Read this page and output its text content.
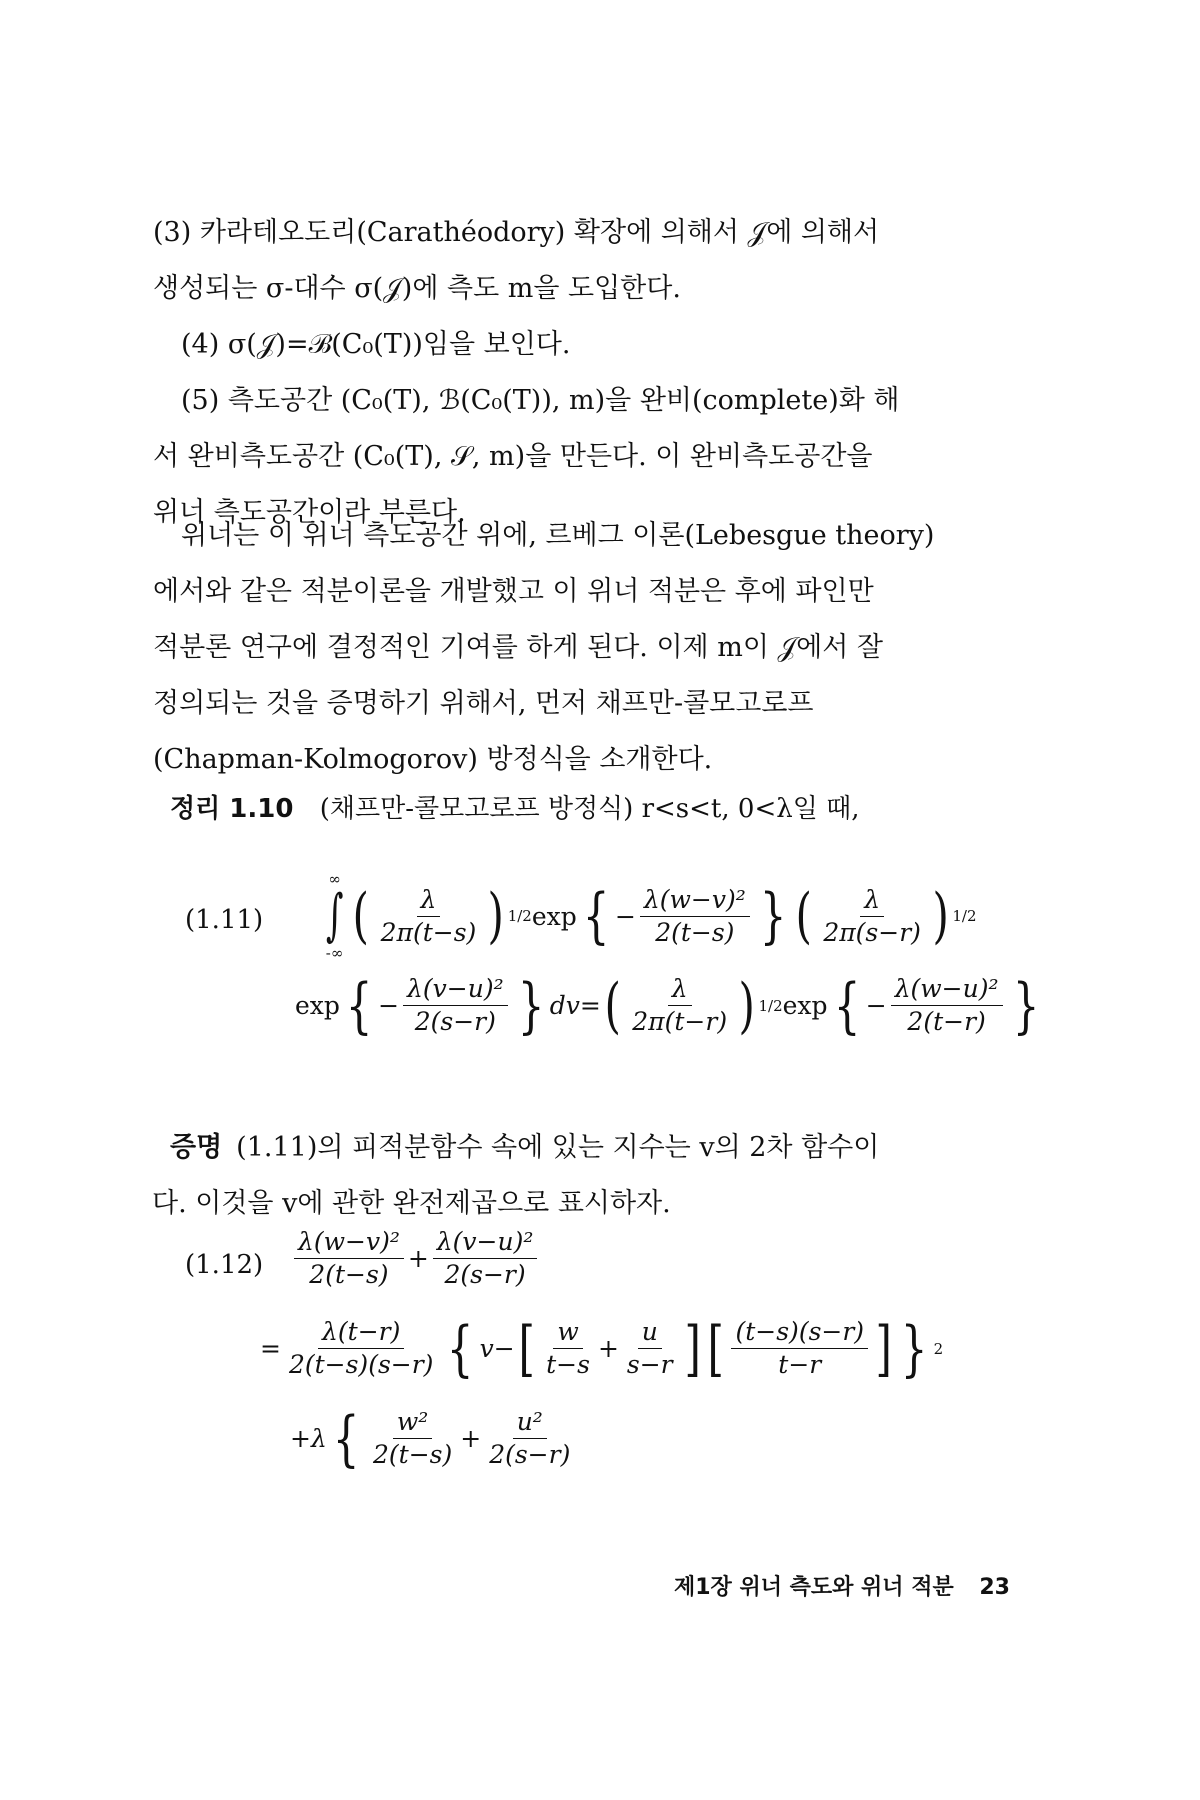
(3) 카라테오도리(Carathéodory) 확장에 의해서 𝒥에 의해서
생성되는 σ-대수 σ(𝒥)에 측도 m을 도입한다.
(4) σ(𝒥)=ℬ(C₀(T))임을 보인다.
(5) 측도공간 (C₀(T), ℬ(C₀(T)), m)을 완비(complete)화 해
서 완비측도공간 (C₀(T), 𝒮, m)을 만든다. 이 완비측도공간을
위너 측도공간이라 부른다.

위너는 이 위너 측도공간 위에, 르베그 이론(Lebesgue theory)
에서와 같은 적분이론을 개발했고 이 위너 적분은 후에 파인만
적분론 연구에 결정적인 기여를 하게 된다. 이제 m이 𝒥에서 잘
정의되는 것을 증명하기 위해서, 먼저 채프만-콜모고로프
(Chapman-Kolmogorov) 방정식을 소개한다.

정리 1.10 (채프만-콜모고로프 방정식) r<s<t, 0<λ일 때,
(1.11)
∞
∫
-∞
( $\frac{\lambda}{2\pi(t-s)}$ ) 1/2 exp { − $\frac{\text{λ(w−v)²}}{2(t-s)}$ } ( $\frac{\lambda}{2\pi(s-r)}$ ) 1/2
exp { − $\frac{\text{λ(v−u)²}}{2(s-r)}$ } dv= ( $\frac{\lambda}{2\pi(t-r)}$ ) 1/2 exp { − $\frac{\text{λ(w−u)²}}{2(t-r)}$ }

증명 (1.11)의 피적분함수 속에 있는 지수는 v의 2차 함수이
다. 이것을 v에 관한 완전제곱으로 표시하자.

$(1.12) \frac{\text{λ(w−v)²}}{2(t-s)} + \frac{\text{λ(v−u)²}}{2(s-r)}$
= $\frac{\lambda(t-r)}{2(t-s)(s-r)}$ { v− [ $\frac{w}{t-s} + \frac{u}{s-r}$ ] [ $\frac{(t-s)(s-r)}{t-r}$ ] } 2
+λ { $\frac{\text{w²}}{2(t-s)} + \frac{\text{u²}}{2(s-r)}$
제1장 위너 측도와 위너 적분 23
